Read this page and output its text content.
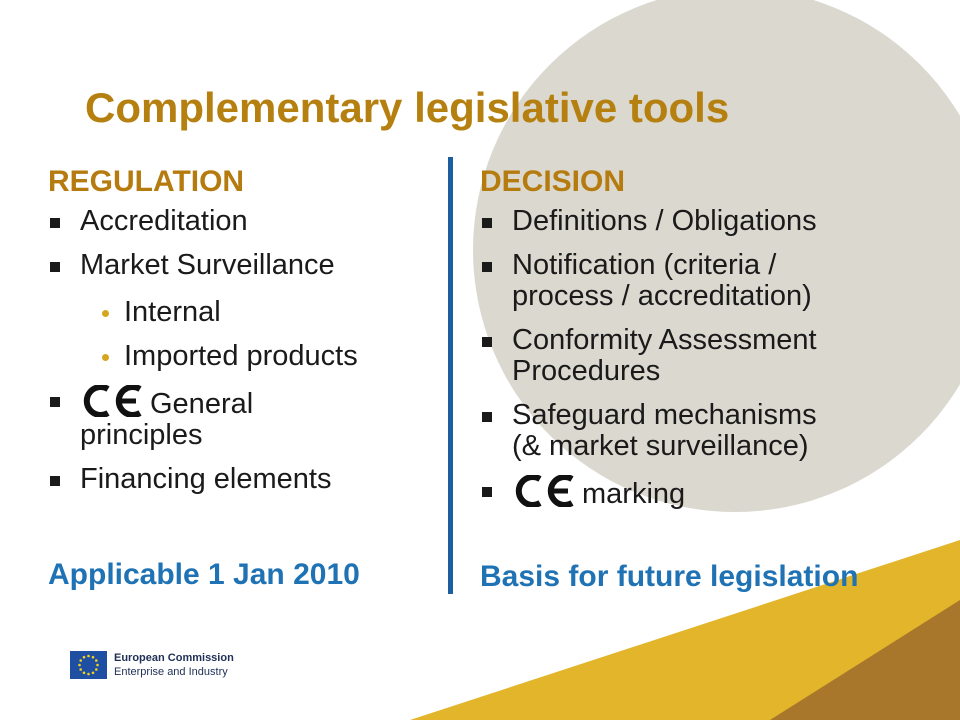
Complementary legislative tools
REGULATION
Accreditation
Market Surveillance
Internal
Imported products
General
principles
Financing elements
DECISION
Definitions / Obligations
Notification (criteria /
process / accreditation)
Conformity Assessment
Procedures
Safeguard mechanisms
(& market surveillance)
marking
Applicable 1 Jan 2010	Basis for future legislation
European Commission
Enterprise and Industry
